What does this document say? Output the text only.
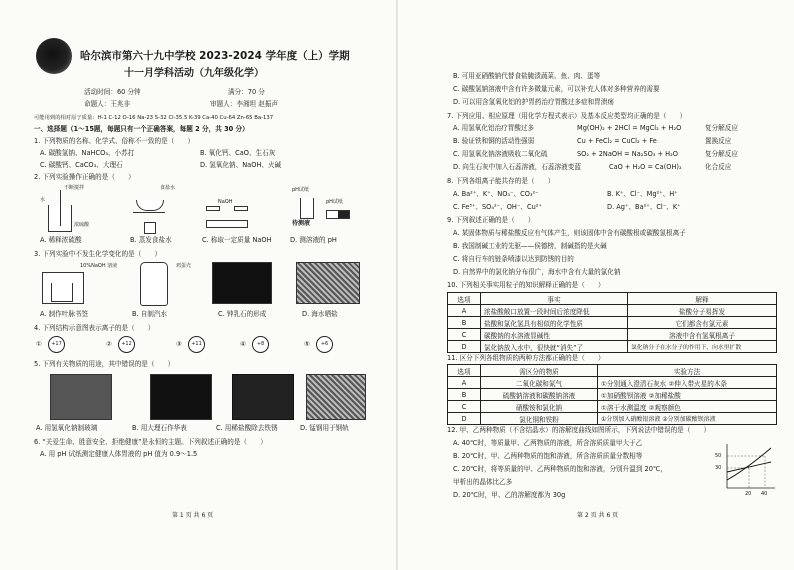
哈尔滨市第六十九中学校 2023-2024 学年度（上）学期
十一月学科活动（九年级化学）
活动时间：60 分钟	满分：70 分
命题人：王兆非	审题人：李湘坦 赵振声
可能用到的相对原子质量：H-1 C-12 O-16 Na-23 S-32 Cl-35.5 K-39 Ca-40 Cu-64 Zn-65 Ba-137
一、选择题（1～15题，每题只有一个正确答案，每题 2 分，共 30 分）
1. 下列物质的名称、化学式、俗称不一致的是（　　）
A. 碳酸氢钠、NaHCO₃、小苏打	B. 氧化钙、CaO、生石灰
C. 碳酸钙、CaCO₃、大理石	D. 氢氧化钠、NaOH、火碱
2. 下列实验操作正确的是（　　）
不断搅拌
水
浓硫酸
食盐水
NaOH
pH试纸
pH试纸
待测液
A. 稀释浓硫酸	B. 蒸发食盐水	C. 称取一定质量 NaOH	D. 测溶液的 pH
3. 下列实验中不发生化学变化的是（　　）
10%NaOH 溶液	鸡蛋壳
A. 制作叶脉书签	B. 自制汽水	C. 钟乳石的形成	D. 海水晒盐
4. 下列结构示意图表示离子的是（　　）
①	+17	②	+12	③	+11	④	+8	⑤	+6
5. 下列有关物质的用途，其中错误的是（　　）
A. 用氢氧化钠制玻璃	B. 用大理石作华表	C. 用稀盐酸除去铁锈	D. 锰钢用于钢轨
6. “关爱生命、胜意安全、拒绝健康”是永恒的主题。下列叙述正确的是（　　）
A. 用 pH 试纸测定健康人体胃液的 pH 值为 0.9～1.5
第 1 页 共 6 页
B. 可用亚硝酸钠代替食盐腌渍蔬菜、鱼、肉、蛋等
C. 碳酸氢钠溶液中含有许多微量元素，可以补充人体对多种营养的需要
D. 可以用含氢氧化铝的护胃药治疗胃酸过多症和胃溃疡
7. 下列应用、相应原理（用化学方程式表示）及基本反应类型均正确的是（　　）
A. 用氢氧化铝治疗胃酸过多	Mg(OH)₂ + 2HCl = MgCl₂ + H₂O	复分解反应
B. 验证铁和铜的活动性强弱	Cu + FeCl₂ = CuCl₂ + Fe	置换反应
C. 用氢氧化钠溶液吸收二氧化硫	SO₂ + 2NaOH = Na₂SO₃ + H₂O	复分解反应
D. 向生石灰中加入石蕊溶液，石蕊溶液变蓝	CaO + H₂O = Ca(OH)₂	化合反应
8. 下列各组离子能共存的是（　　）
A. Ba²⁺、K⁺、NO₃⁻、CO₃²⁻	B. K⁺、Cl⁻、Mg²⁺、H⁺
C. Fe³⁺、SO₄²⁻、OH⁻、Cu²⁺	D. Ag⁺、Ba²⁺、Cl⁻、K⁺
9. 下列叙述正确的是（　　）
A. 某固体物质与稀盐酸反应有气体产生，则该固体中含有碳酸根或碳酸氢根离子
B. 我国制碱工业的先驱——侯德榜，制碱指的是火碱
C. 将自行车的链条喷漆以达到防锈的目的
D. 自然界中的氯化钠分布很广，海水中含有大量的氯化钠
10. 下列相关事实用粒子的知识解释正确的是（　　）
选项	事实	解释
A	浓盐酸敞口放置一段时间后浓度降低	盐酸分子易挥发
B	盐酸和氯化氢具有相似的化学性质	它们都含有氯元素
C	碳酸钠的水溶液显碱性	溶液中含有氢氧根离子
D	氯化钠放入水中，很快就“消失”了	氯化钠分子在水分子的作用下，向水里扩散
11. 区分下列各组物质的两种方法都正确的是（　　）
选项	需区分的物质	实验方法
A	二氧化碳和氮气	①分别通入澄清石灰水 ②伸入带火星的木条
B	硫酸钠溶液和碳酸钠溶液	①加硝酸钡溶液 ②加稀盐酸
C	硝酸铵和氯化钠	①溶于水测温度 ②观察颜色
D	氯化铜和铁粉	①分别加入硝酸银溶液 ②分别加碳酸钡溶液
12. 甲、乙两种物质（不含结晶水）的溶解度曲线如图所示，下列说法中错误的是（　　）
A. 40℃时，等质量甲、乙两物质的溶液，所含溶质质量甲大于乙
B. 20℃时，甲、乙两种物质的饱和溶液，所含溶质质量分数相等
C. 20℃时，将等质量的甲、乙两种物质的饱和溶液，分别升温到 20℃，
甲析出的晶体比乙多
D. 20℃时，甲、乙的溶解度都为 30g
50
30
20 40
第 2 页 共 6 页
